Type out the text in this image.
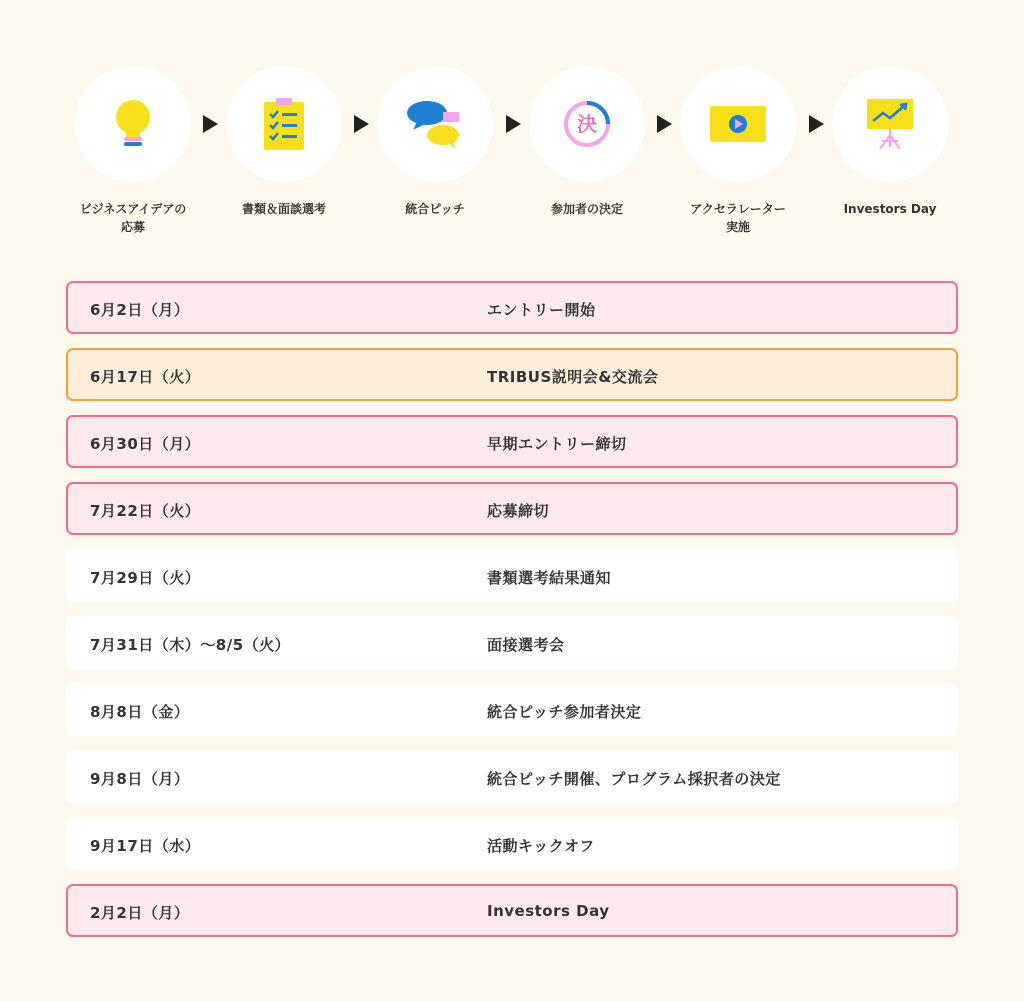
ビジネスアイデアの
応募
書類＆面談選考	統合ピッチ
決
参加者の決定	アクセラレーター
実施
Investors Day
6月2日（月）	エントリー開始
6月17日（火）	TRIBUS説明会&交流会
6月30日（月）	早期エントリー締切
7月22日（火）	応募締切
7月29日（火）	書類選考結果通知
7月31日（木）〜8/5（火）	面接選考会
8月8日（金）	統合ピッチ参加者決定
9月8日（月）	統合ピッチ開催、プログラム採択者の決定
9月17日（水）	活動キックオフ
2月2日（月）	Investors Day
